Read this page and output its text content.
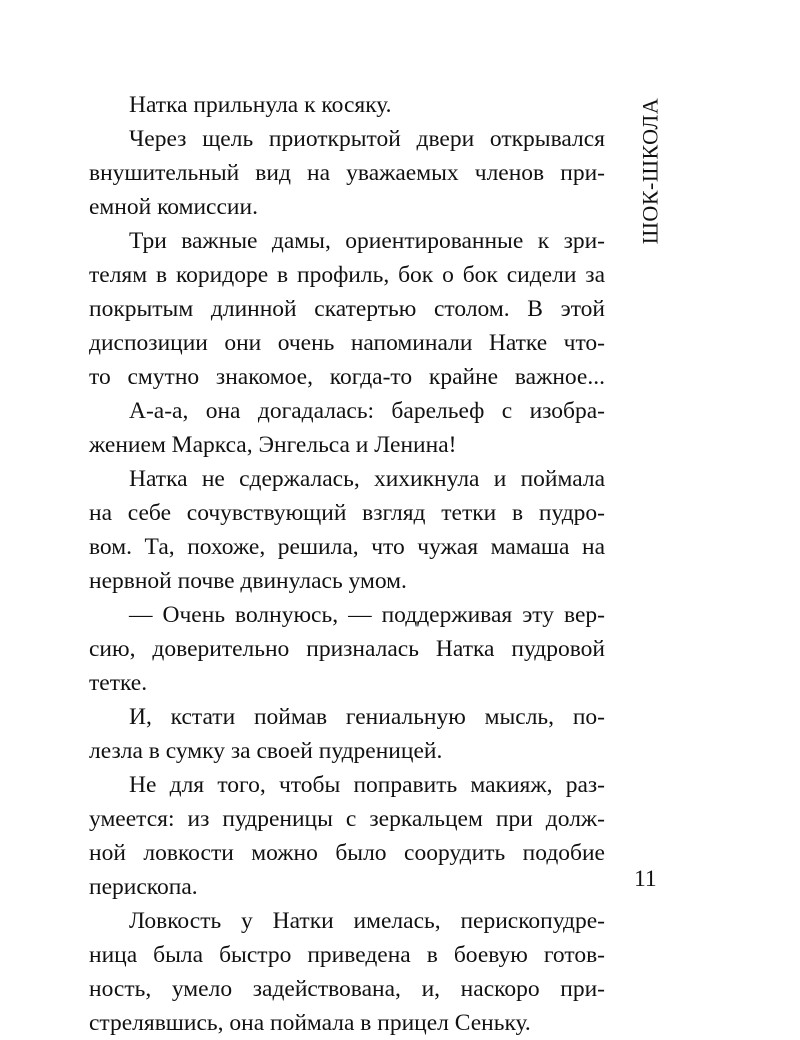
Натка прильнула к косяку.
Через щель приоткрытой двери открывался
внушительный вид на уважаемых членов при-
емной комиссии.
Три важные дамы, ориентированные к зри-
телям в коридоре в профиль, бок о бок сидели за
покрытым длинной скатертью столом. В этой
диспозиции они очень напоминали Натке что-
то смутно знакомое, когда-то крайне важное...
А-а-а, она догадалась: барельеф с изобра-
жением Маркса, Энгельса и Ленина!
Натка не сдержалась, хихикнула и поймала
на себе сочувствующий взгляд тетки в пудро-
вом. Та, похоже, решила, что чужая мамаша на
нервной почве двинулась умом.
— Очень волнуюсь, — поддерживая эту вер-
сию, доверительно призналась Натка пудровой
тетке.
И, кстати поймав гениальную мысль, по-
лезла в сумку за своей пудреницей.
Не для того, чтобы поправить макияж, раз-
умеется: из пудреницы с зеркальцем при долж-
ной ловкости можно было соорудить подобие
перископа.
Ловкость у Натки имелась, перископудре-
ница была быстро приведена в боевую готов-
ность, умело задействована, и, наскоро при-
стрелявшись, она поймала в прицел Сеньку.
ШОК-ШКОЛА
11
